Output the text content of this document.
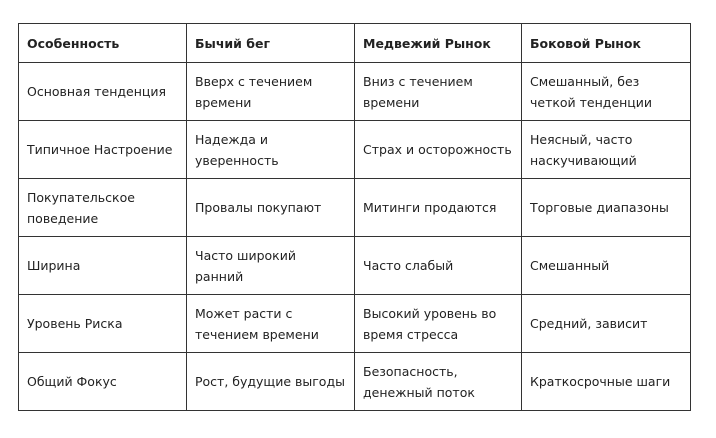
Особенность	Бычий бег	Медвежий Рынок	Боковой Рынок
Основная тенденция	Вверх с течением времени	Вниз с течением времени	Смешанный, без четкой тенденции
Типичное Настроение	Надежда и уверенность	Страх и осторожность	Неясный, часто наскучивающий
Покупательское поведение	Провалы покупают	Митинги продаются	Торговые диапазоны
Ширина	Часто широкий ранний	Часто слабый	Смешанный
Уровень Риска	Может расти с течением времени	Высокий уровень во время стресса	Средний, зависит
Общий Фокус	Рост, будущие выгоды	Безопасность, денежный поток	Краткосрочные шаги
